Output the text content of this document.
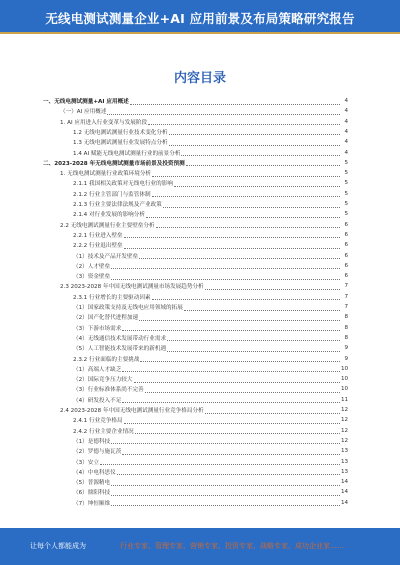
无线电测试测量企业+AI 应用前景及布局策略研究报告
内容目录
一、无线电测试测量+AI 应用概述	4
（一）AI 应用概述	4
1. AI 应用进入行业变革与发展阶段	4
1.2 无线电测试测量行业技术变化分析	4
1.3 无线电测试测量行业发展特点分析	4
1.4 AI 赋能无线电测试测量行业的前景分析	4
二、2023-2028 年无线电测试测量市场前景及投资预测	5
1. 无线电测试测量行业政策环境分析	5
2.1.1 我国相关政策对无线电行业的影响	5
2.1.2 行业主管部门与监管体制	5
2.1.3 行业主要法律法规及产业政策	5
2.1.4 对行业发展的影响分析	5
2.2 无线电测试测量行业主要壁垒分析	6
2.2.1 行业进入壁垒	6
2.2.2 行业退出壁垒	6
（1）技术及产品开发壁垒	6
（2）人才壁垒	6
（3）资金壁垒	6
2.3 2023-2028 年中国无线电测试测量市场发展趋势分析	7
2.3.1 行业增长的主要驱动因素	7
（1）国家政策支持及无线电应用领域的拓展	7
（2）国产化替代进程加速	8
（3）下游市场需求	8
（4）无线通信技术发展带动行业需求	8
（5）人工智能技术发展带来的新机遇	9
2.3.2 行业面临的主要挑战	9
（1）高端人才缺乏	10
（2）国际竞争压力较大	10
（3）行业标准体系尚不完善	10
（4）研发投入不足	11
2.4 2023-2028 年中国无线电测试测量行业竞争格局分析	12
2.4.1 行业竞争格局	12
2.4.2 行业主要企业情况	12
（1）是德科技	12
（2）罗德与施瓦茨	13
（3）安立	13
（4）中电科思仪	13
（5）普源精电	14
（6）鼎阳科技	14
（7）坤恒顺维	14
让每个人都能成为	行业专家、管理专家、营销专家、投资专家、战略专家、成功企业家……
